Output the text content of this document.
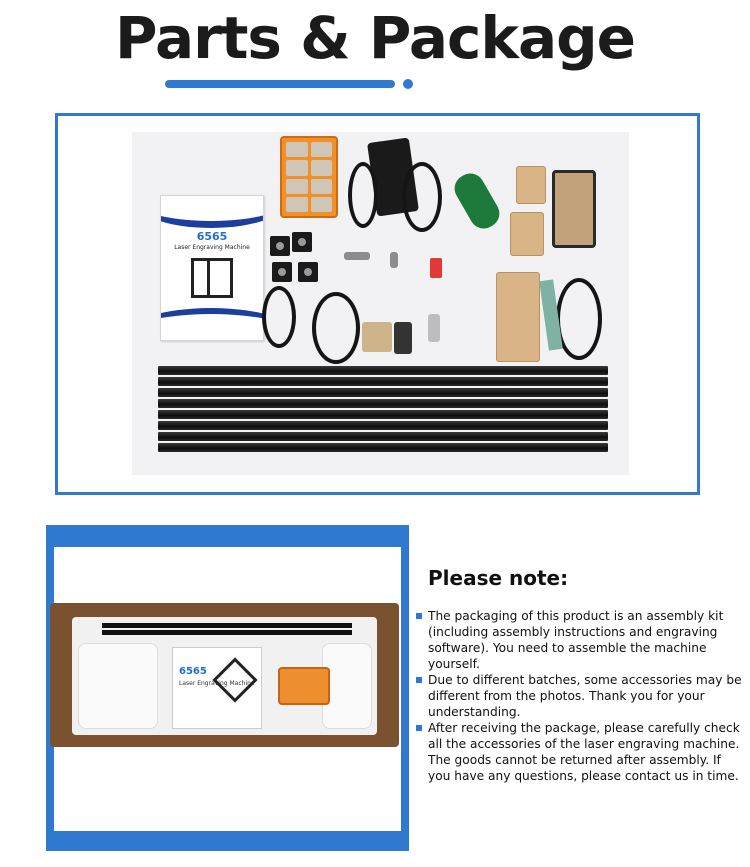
Parts & Package
6565
Laser Engraving Machine
6565
Laser Engraving Machine
Please note:
The packaging of this product is an assembly kit (including assembly instructions and engraving software). You need to assemble the machine yourself.
Due to different batches, some accessories may be different from the photos. Thank you for your understanding.
After receiving the package, please carefully check all the accessories of the laser engraving machine. The goods cannot be returned after assembly. If you have any questions, please contact us in time.
